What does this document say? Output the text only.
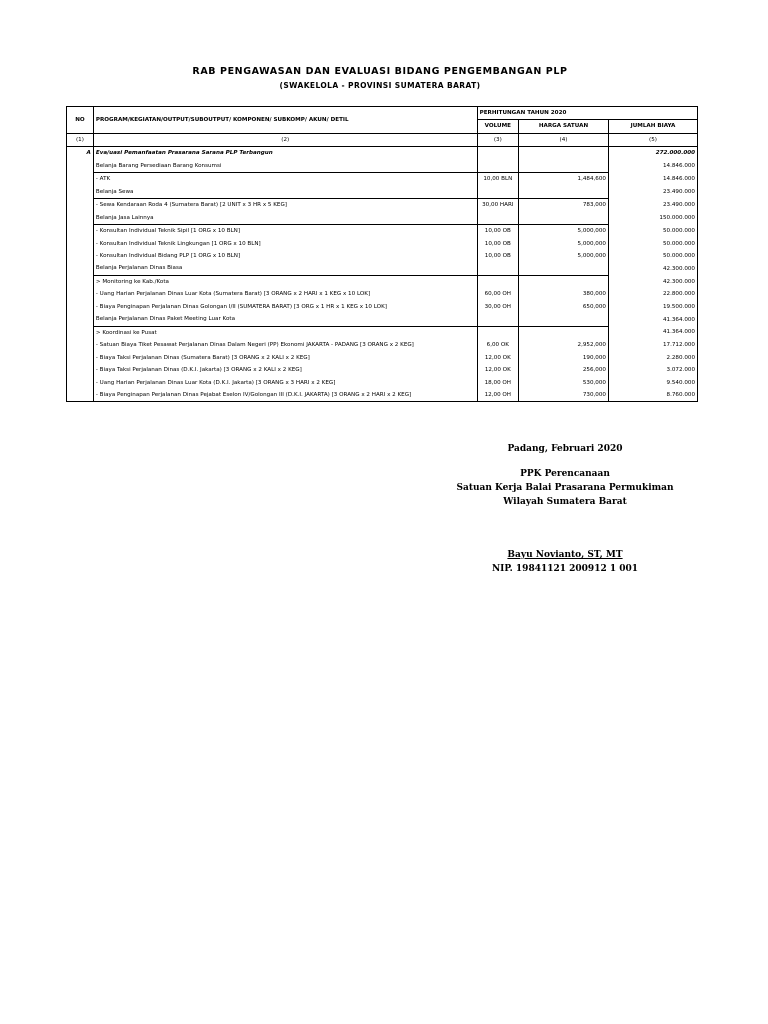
RAB PENGAWASAN DAN EVALUASI BIDANG PENGEMBANGAN PLP
(SWAKELOLA - PROVINSI SUMATERA BARAT)
NO	PROGRAM/KEGIATAN/OUTPUT/SUBOUTPUT/ KOMPONEN/ SUBKOMP/ AKUN/ DETIL	PERHITUNGAN TAHUN 2020		
		VOLUME	HARGA SATUAN	JUMLAH BIAYA
(1)	(2)	(3)	(4)	(5)
A	Eva/uasi Pemanfaatan Prasarana Sarana PLP Terbangun			272.000.000
	Belanja Barang Persediaan Barang Konsumsi			14.846.000
	- ATK	10,00 BLN	1,484,600	14.846.000
	Belanja Sewa			23.490.000
	- Sewa Kendaraan Roda 4 (Sumatera Barat) [2 UNIT x 3 HR x 5 KEG]	30,00 HARI	783,000	23.490.000
	Belanja Jasa Lainnya			150.000.000
	- Konsultan Individual Teknik Sipil [1 ORG x 10 BLN]	10,00 OB	5,000,000	50.000.000
	- Konsultan Individual Teknik Lingkungan [1 ORG x 10 BLN]	10,00 OB	5,000,000	50.000.000
	- Konsultan Individual Bidang PLP [1 ORG x 10 BLN]	10,00 OB	5,000,000	50.000.000
	Belanja Perjalanan Dinas Biasa			42.300.000
	> Monitoring ke Kab./Kota			42.300.000
	- Uang Harian Perjalanan Dinas Luar Kota (Sumatera Barat) [3 ORANG x 2 HARI x 1 KEG x 10 LOK]	60,00 OH	380,000	22.800.000
	- Biaya Penginapan Perjalanan Dinas Golongan I/II (SUMATERA BARAT) [3 ORG x 1 HR x 1 KEG x 10 LOK]	30,00 OH	650,000	19.500.000
	Belanja Perjalanan Dinas Paket Meeting Luar Kota			41.364.000
	> Koordinasi ke Pusat			41.364.000
	- Satuan Biaya Tiket Pesawat Perjalanan Dinas Dalam Negeri (PP) Ekonomi JAKARTA - PADANG [3 ORANG x 2 KEG]	6,00 OK	2,952,000	17.712.000
	- Biaya Taksi Perjalanan Dinas (Sumatera Barat) [3 ORANG x 2 KALI x 2 KEG]	12,00 OK	190,000	2.280.000
	- Biaya Taksi Perjalanan Dinas (D.K.I. Jakarta) [3 ORANG x 2 KALI x 2 KEG]	12,00 OK	256,000	3.072.000
	- Uang Harian Perjalanan Dinas Luar Kota (D.K.I. Jakarta) [3 ORANG x 3 HARI x 2 KEG]	18,00 OH	530,000	9.540.000
	- Biaya Penginapan Perjalanan Dinas Pejabat Eselon IV/Golongan III (D.K.I. JAKARTA) [3 ORANG x 2 HARI x 2 KEG]	12,00 OH	730,000	8.760.000
Padang, Februari 2020
PPK Perencanaan
Satuan Kerja Balai Prasarana Permukiman
Wilayah Sumatera Barat
Bayu Novianto, ST, MT
NIP. 19841121 200912 1 001
